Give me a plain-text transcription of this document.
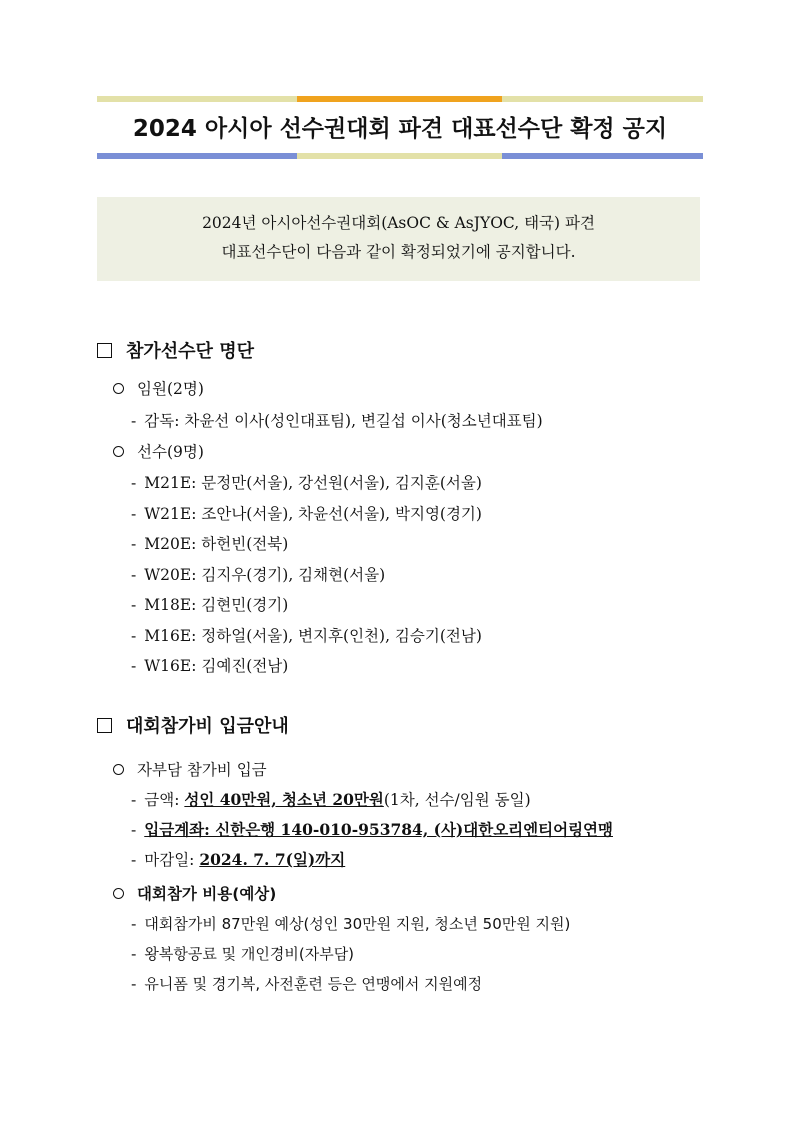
2024 아시아 선수권대회 파견 대표선수단 확정 공지
2024년 아시아선수권대회(AsOC & AsJYOC, 태국) 파견
대표선수단이 다음과 같이 확정되었기에 공지합니다.
참가선수단 명단
임원(2명)
- 감독: 차윤선 이사(성인대표팀), 변길섭 이사(청소년대표팀)
선수(9명)
- M21E: 문정만(서울), 강선원(서울), 김지훈(서울)
- W21E: 조안나(서울), 차윤선(서울), 박지영(경기)
- M20E: 하헌빈(전북)
- W20E: 김지우(경기), 김채현(서울)
- M18E: 김현민(경기)
- M16E: 정하얼(서울), 변지후(인천), 김승기(전남)
- W16E: 김예진(전남)
대회참가비 입금안내
자부담 참가비 입금
- 금액: 성인 40만원, 청소년 20만원(1차, 선수/임원 동일)
- 입금계좌: 신한은행 140-010-953784, (사)대한오리엔티어링연맹
- 마감일: 2024. 7. 7(일)까지
대회참가 비용(예상)
- 대회참가비 87만원 예상(성인 30만원 지원, 청소년 50만원 지원)
- 왕복항공료 및 개인경비(자부담)
- 유니폼 및 경기복, 사전훈련 등은 연맹에서 지원예정
